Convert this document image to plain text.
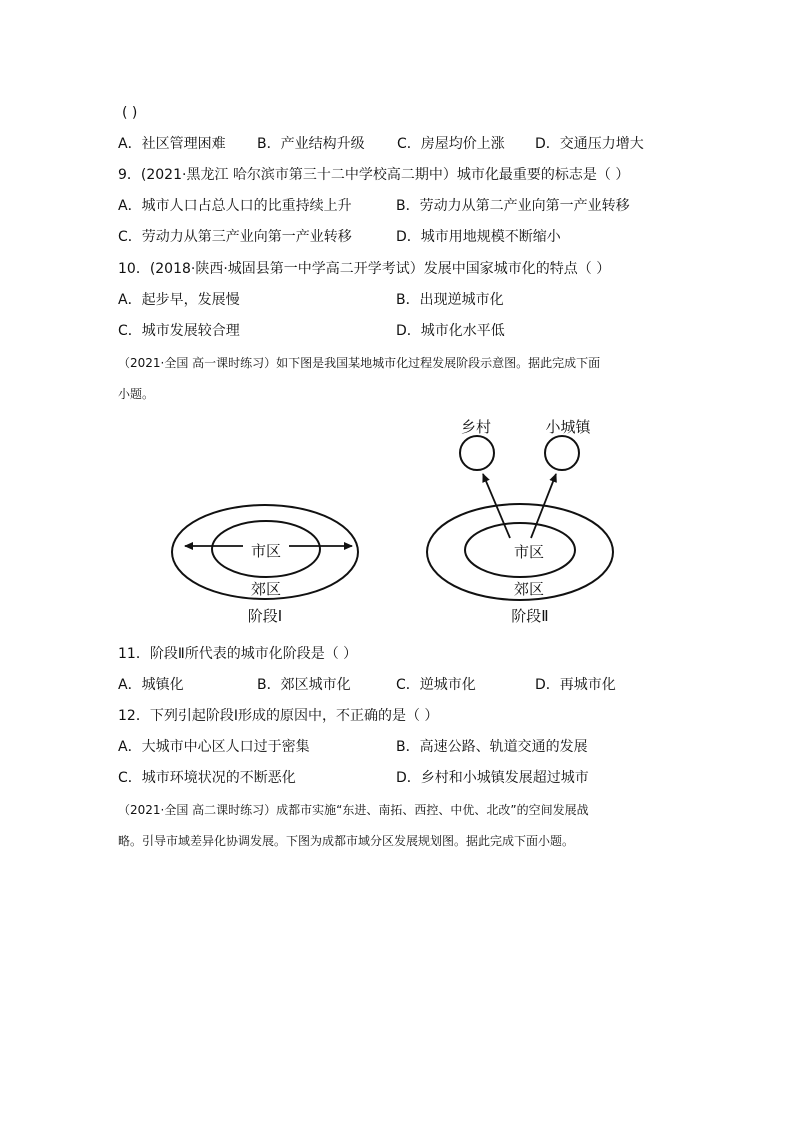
( )
A．社区管理困难 B．产业结构升级 C．房屋均价上涨 D．交通压力增大
9．(2021·黑龙江 哈尔滨市第三十二中学校高二期中）城市化最重要的标志是（ ）
A．城市人口占总人口的比重持续上升	B．劳动力从第二产业向第一产业转移
C．劳动力从第三产业向第一产业转移	D．城市用地规模不断缩小
10．(2018·陕西·城固县第一中学高二开学考试）发展中国家城市化的特点（ ）
A．起步早，发展慢	B．出现逆城市化
C．城市发展较合理	D．城市化水平低
（2021·全国 高一课时练习）如下图是我国某地城市化过程发展阶段示意图。据此完成下面
小题。
市区
郊区
阶段Ⅰ
乡村	小城镇
市区
郊区
阶段Ⅱ
11．阶段Ⅱ所代表的城市化阶段是（ ）
A．城镇化	B．郊区城市化	C．逆城市化	D．再城市化
12．下列引起阶段Ⅰ形成的原因中，不正确的是（ ）
A．大城市中心区人口过于密集	B．高速公路、轨道交通的发展
C．城市环境状况的不断恶化	D．乡村和小城镇发展超过城市
（2021·全国 高二课时练习）成都市实施“东进、南拓、西控、中优、北改”的空间发展战
略。引导市域差异化协调发展。下图为成都市域分区发展规划图。据此完成下面小题。
